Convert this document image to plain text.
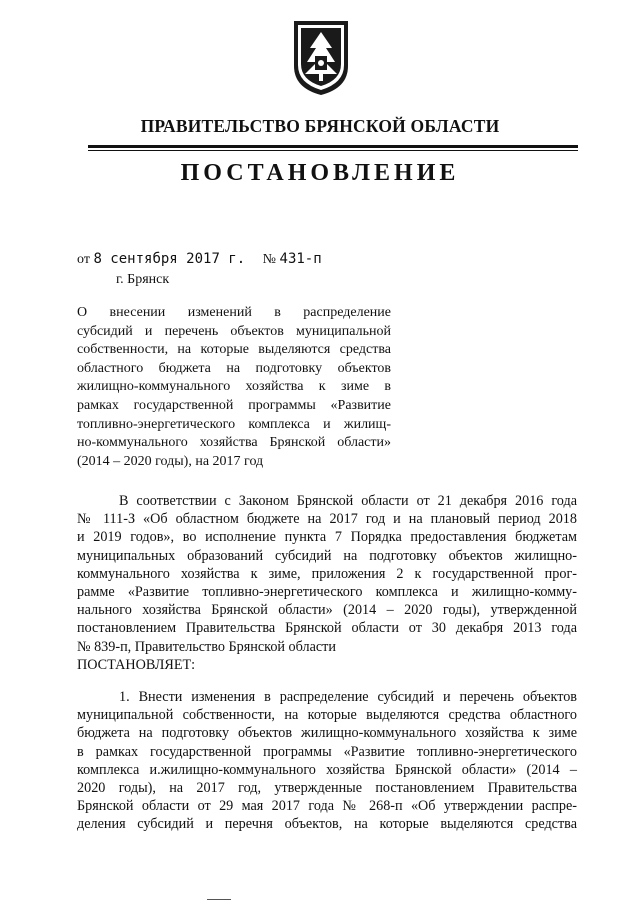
ПРАВИТЕЛЬСТВО БРЯНСКОЙ ОБЛАСТИ
ПОСТАНОВЛЕНИЕ
от 8 сентября 2017 г. № 431-п
г. Брянск
О внесении изменений в распределение
субсидий и перечень объектов муниципальной
собственности, на которые выделяются средства
областного бюджета на подготовку объектов
жилищно-коммунального хозяйства к зиме в
рамках государственной программы «Развитие
топливно-энергетического комплекса и жилищ-
но-коммунального хозяйства Брянской области»
(2014 – 2020 годы), на 2017 год
В соответствии с Законом Брянской области от 21 декабря 2016 года
№ 111-З «Об областном бюджете на 2017 год и на плановый период 2018
и 2019 годов», во исполнение пункта 7 Порядка предоставления бюджетам
муниципальных образований субсидий на подготовку объектов жилищно-
коммунального хозяйства к зиме, приложения 2 к государственной прог-
рамме «Развитие топливно-энергетического комплекса и жилищно-комму-
нального хозяйства Брянской области» (2014 – 2020 годы), утвержденной
постановлением Правительства Брянской области от 30 декабря 2013 года
№ 839-п, Правительство Брянской области
ПОСТАНОВЛЯЕТ:
1. Внести изменения в распределение субсидий и перечень объектов
муниципальной собственности, на которые выделяются средства областного
бюджета на подготовку объектов жилищно-коммунального хозяйства к зиме
в рамках государственной программы «Развитие топливно-энергетического
комплекса и.жилищно-коммунального хозяйства Брянской области» (2014 –
2020 годы), на 2017 год, утвержденные постановлением Правительства
Брянской области от 29 мая 2017 года № 268-п «Об утверждении распре-
деления субсидий и перечня объектов, на которые выделяются средства
